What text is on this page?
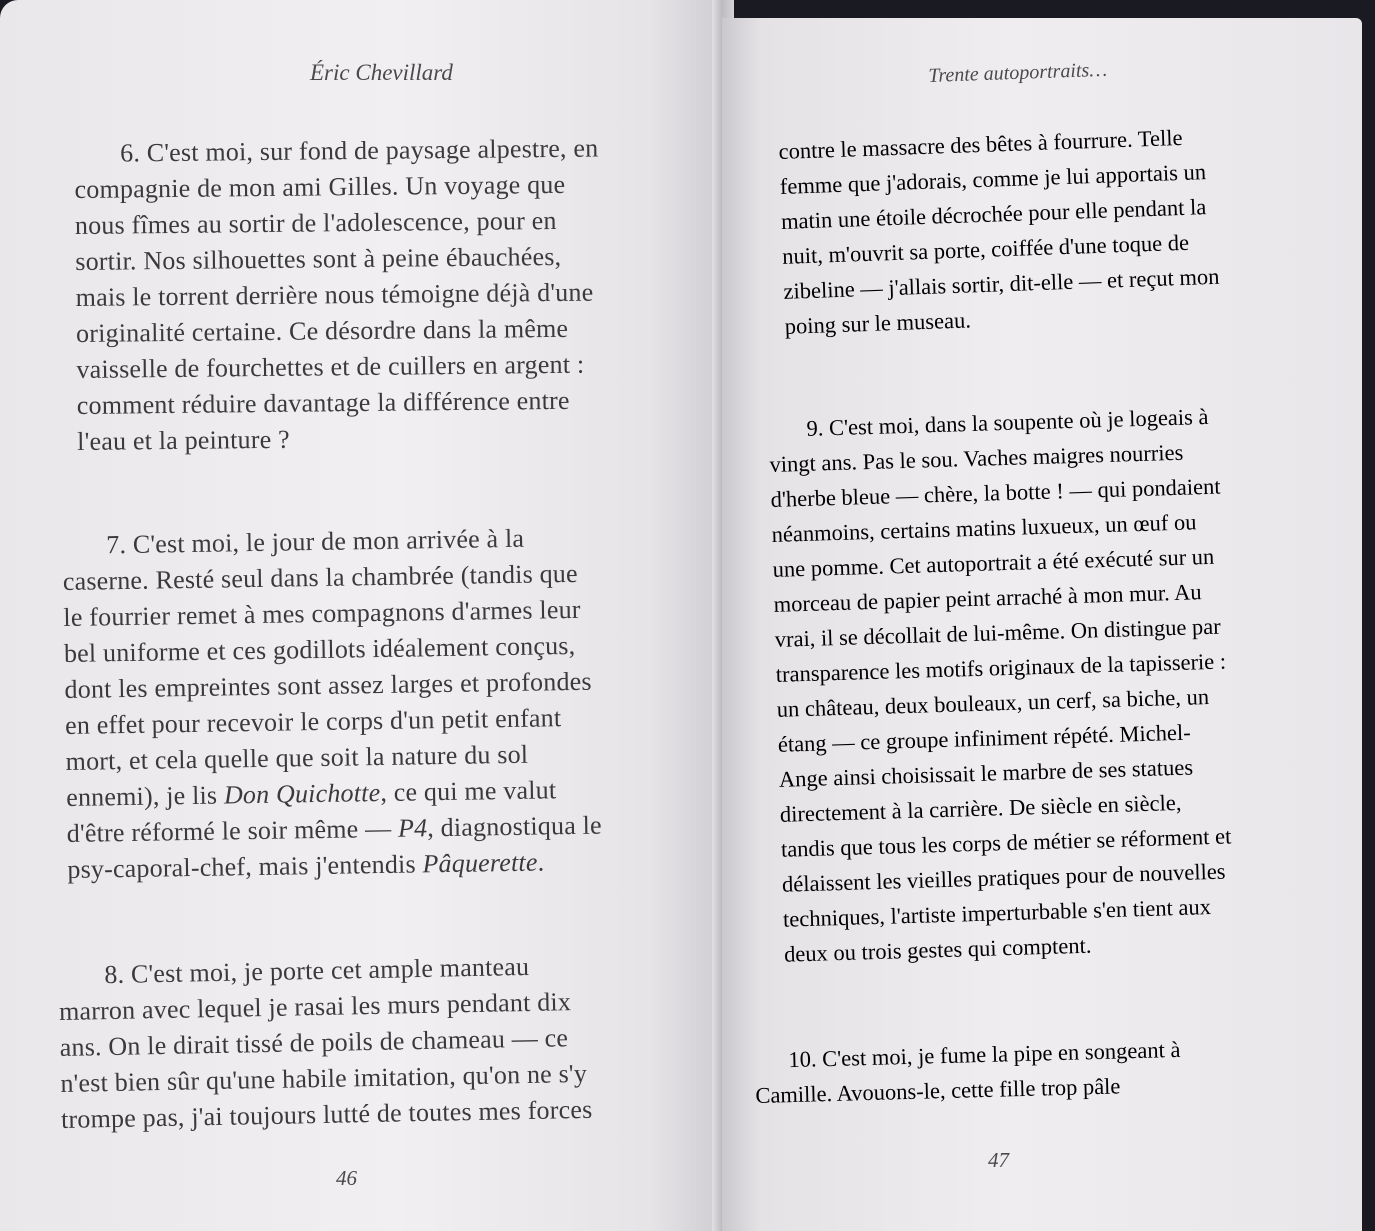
Éric Chevillard
6. C'est moi, sur fond de paysage alpestre, en
compagnie de mon ami Gilles. Un voyage que
nous fîmes au sortir de l'adolescence, pour en
sortir. Nos silhouettes sont à peine ébauchées,
mais le torrent derrière nous témoigne déjà d'une
originalité certaine. Ce désordre dans la même
vaisselle de fourchettes et de cuillers en argent :
comment réduire davantage la différence entre
l'eau et la peinture ?
7. C'est moi, le jour de mon arrivée à la
caserne. Resté seul dans la chambrée (tandis que
le fourrier remet à mes compagnons d'armes leur
bel uniforme et ces godillots idéalement conçus,
dont les empreintes sont assez larges et profondes
en effet pour recevoir le corps d'un petit enfant
mort, et cela quelle que soit la nature du sol
ennemi), je lis Don Quichotte, ce qui me valut
d'être réformé le soir même — P4, diagnostiqua le
psy-caporal-chef, mais j'entendis Pâquerette.
8. C'est moi, je porte cet ample manteau
marron avec lequel je rasai les murs pendant dix
ans. On le dirait tissé de poils de chameau — ce
n'est bien sûr qu'une habile imitation, qu'on ne s'y
trompe pas, j'ai toujours lutté de toutes mes forces
46
Trente autoportraits…
contre le massacre des bêtes à fourrure. Telle
femme que j'adorais, comme je lui apportais un
matin une étoile décrochée pour elle pendant la
nuit, m'ouvrit sa porte, coiffée d'une toque de
zibeline — j'allais sortir, dit-elle — et reçut mon
poing sur le museau.
9. C'est moi, dans la soupente où je logeais à
vingt ans. Pas le sou. Vaches maigres nourries
d'herbe bleue — chère, la botte ! — qui pondaient
néanmoins, certains matins luxueux, un œuf ou
une pomme. Cet autoportrait a été exécuté sur un
morceau de papier peint arraché à mon mur. Au
vrai, il se décollait de lui-même. On distingue par
transparence les motifs originaux de la tapisserie :
un château, deux bouleaux, un cerf, sa biche, un
étang — ce groupe infiniment répété. Michel-
Ange ainsi choisissait le marbre de ses statues
directement à la carrière. De siècle en siècle,
tandis que tous les corps de métier se réforment et
délaissent les vieilles pratiques pour de nouvelles
techniques, l'artiste imperturbable s'en tient aux
deux ou trois gestes qui comptent.
10. C'est moi, je fume la pipe en songeant à
Camille. Avouons-le, cette fille trop pâle
47
